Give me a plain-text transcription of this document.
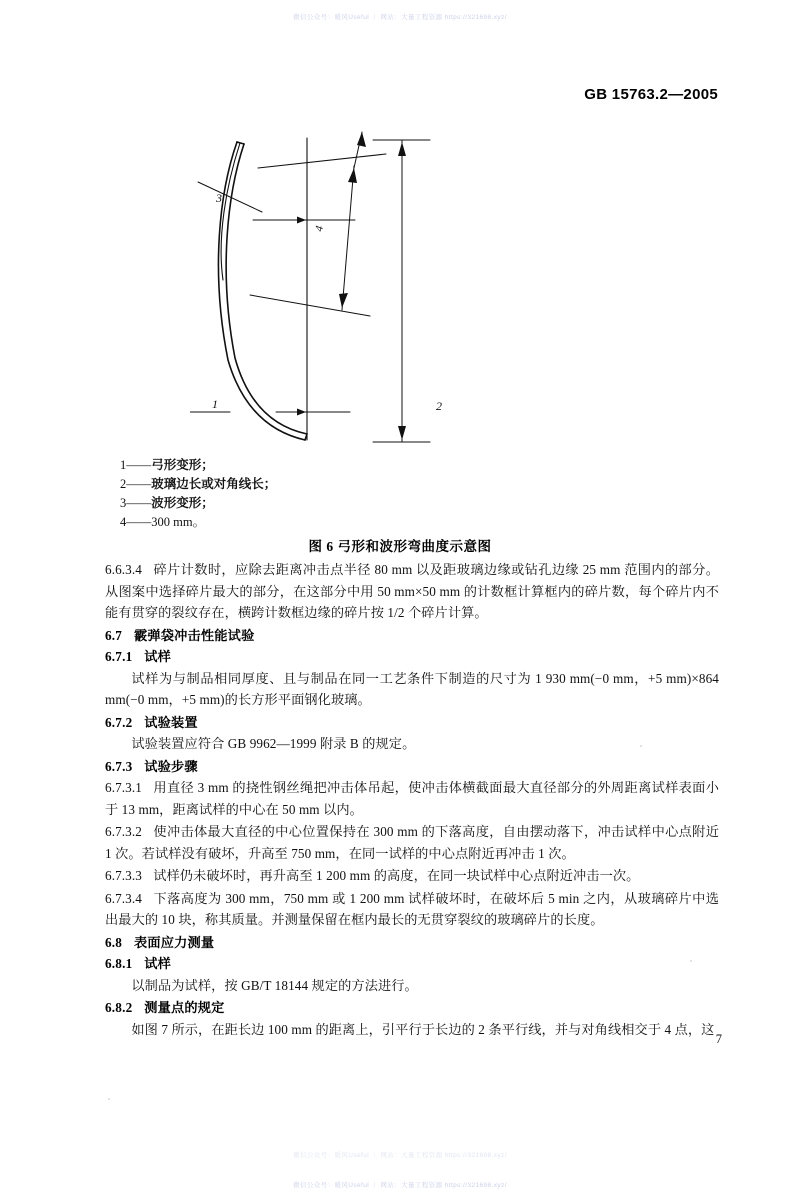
微信公众号：暖风Useful ｜ 网站：大量工程资源 https://321698.xyz/
GB 15763.2—2005
1	2
3
4
1——弓形变形；
2——玻璃边长或对角线长；
3——波形变形；
4——300 mm。
图 6 弓形和波形弯曲度示意图

6.6.3.4 碎片计数时，应除去距离冲击点半径 80 mm 以及距玻璃边缘或钻孔边缘 25 mm 范围内的部分。从图案中选择碎片最大的部分，在这部分中用 50 mm×50 mm 的计数框计算框内的碎片数，每个碎片内不能有贯穿的裂纹存在，横跨计数框边缘的碎片按 1/2 个碎片计算。

6.7 霰弹袋冲击性能试验

6.7.1 试样

试样为与制品相同厚度、且与制品在同一工艺条件下制造的尺寸为 1 930 mm(−0 mm，+5 mm)×864 mm(−0 mm，+5 mm)的长方形平面钢化玻璃。

6.7.2 试验装置

试验装置应符合 GB 9962—1999 附录 B 的规定。

6.7.3 试验步骤

6.7.3.1 用直径 3 mm 的挠性钢丝绳把冲击体吊起，使冲击体横截面最大直径部分的外周距离试样表面小于 13 mm，距离试样的中心在 50 mm 以内。

6.7.3.2 使冲击体最大直径的中心位置保持在 300 mm 的下落高度，自由摆动落下，冲击试样中心点附近 1 次。若试样没有破坏，升高至 750 mm，在同一试样的中心点附近再冲击 1 次。

6.7.3.3 试样仍未破坏时，再升高至 1 200 mm 的高度，在同一块试样中心点附近冲击一次。

6.7.3.4 下落高度为 300 mm，750 mm 或 1 200 mm 试样破坏时，在破坏后 5 min 之内，从玻璃碎片中选出最大的 10 块，称其质量。并测量保留在框内最长的无贯穿裂纹的玻璃碎片的长度。

6.8 表面应力测量

6.8.1 试样

以制品为试样，按 GB/T 18144 规定的方法进行。

6.8.2 测量点的规定

如图 7 所示，在距长边 100 mm 的距离上，引平行于长边的 2 条平行线，并与对角线相交于 4 点，这

7
微信公众号：暖风Useful ｜ 网站：大量工程资源 https://321698.xyz/
微信公众号：暖风Useful ｜ 网站：大量工程资源 https://321698.xyz/
